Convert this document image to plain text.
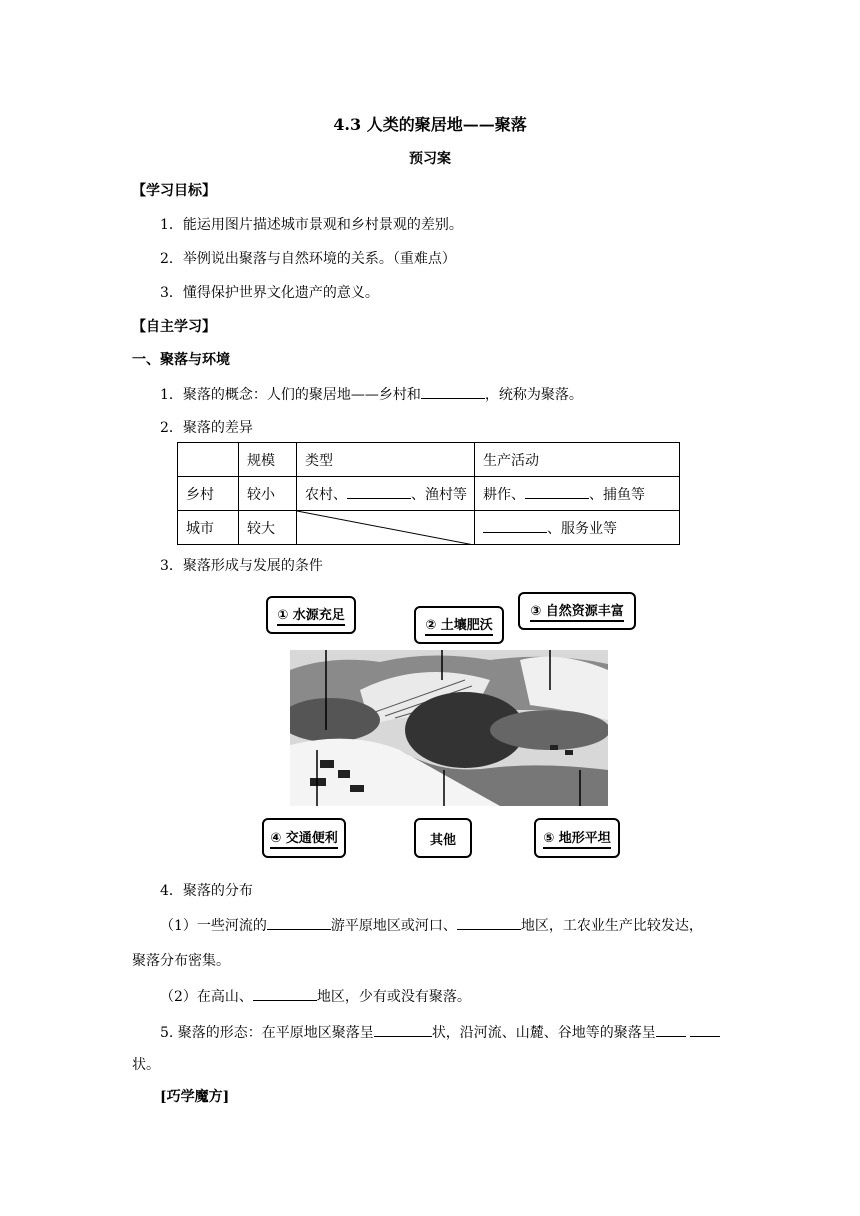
4.3 人类的聚居地——聚落
预习案
【学习目标】
1．能运用图片描述城市景观和乡村景观的差别。
2．举例说出聚落与自然环境的关系。（重难点）
3．懂得保护世界文化遗产的意义。
【自主学习】
一、聚落与环境
1．聚落的概念：人们的聚居地——乡村和	，统称为聚落。
2．聚落的差异
	规模	类型	生产活动
乡村	较小	农村、 、渔村等	耕作、 、捕鱼等
城市	较大		、服务业等
3．聚落形成与发展的条件
① 水源充足
② 土壤肥沃
③ 自然资源丰富
④ 交通便利	其他	⑤ 地形平坦
4．聚落的分布
（1）一些河流的	游平原地区或河口、	地区，工农业生产比较发达，
聚落分布密集。
（2）在高山、	地区，少有或没有聚落。
5. 聚落的形态：在平原地区聚落呈	状，沿河流、山麓、谷地等的聚落呈
状。
[巧学魔方]
